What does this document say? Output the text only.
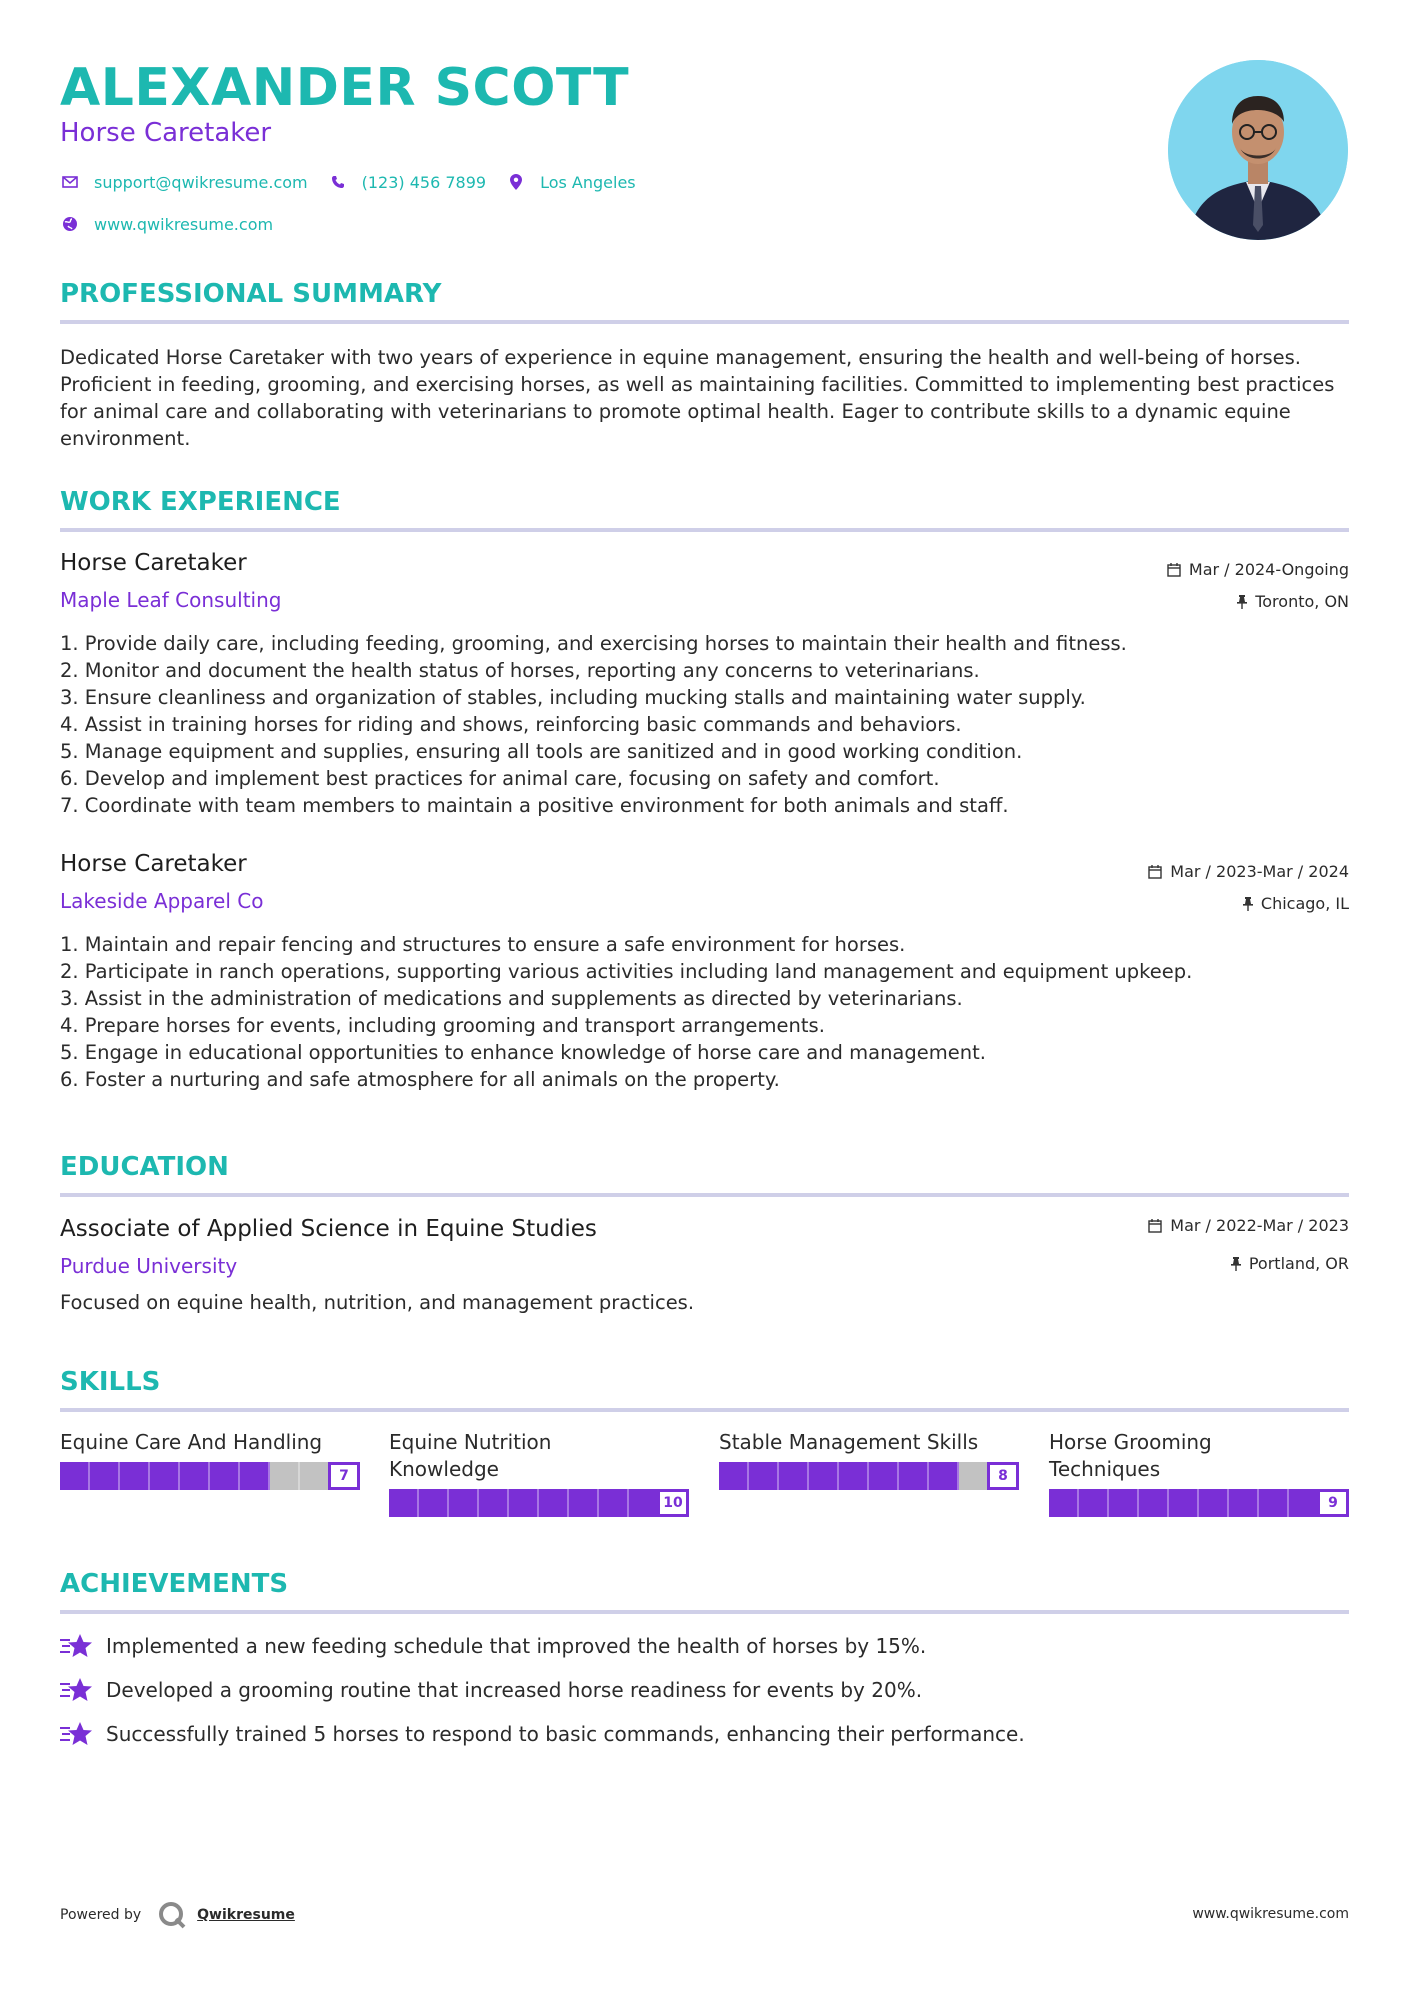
ALEXANDER SCOTT
Horse Caretaker
support@qwikresume.com	(123) 456 7899	Los Angeles
www.qwikresume.com
PROFESSIONAL SUMMARY
Dedicated Horse Caretaker with two years of experience in equine management, ensuring the health and well-being of horses. Proficient in feeding, grooming, and exercising horses, as well as maintaining facilities. Committed to implementing best practices for animal care and collaborating with veterinarians to promote optimal health. Eager to contribute skills to a dynamic equine environment.
WORK EXPERIENCE
Horse Caretaker
Maple Leaf Consulting
Mar / 2024-Ongoing
Toronto, ON
1. Provide daily care, including feeding, grooming, and exercising horses to maintain their health and fitness.
2. Monitor and document the health status of horses, reporting any concerns to veterinarians.
3. Ensure cleanliness and organization of stables, including mucking stalls and maintaining water supply.
4. Assist in training horses for riding and shows, reinforcing basic commands and behaviors.
5. Manage equipment and supplies, ensuring all tools are sanitized and in good working condition.
6. Develop and implement best practices for animal care, focusing on safety and comfort.
7. Coordinate with team members to maintain a positive environment for both animals and staff.
Horse Caretaker
Lakeside Apparel Co
Mar / 2023-Mar / 2024
Chicago, IL
1. Maintain and repair fencing and structures to ensure a safe environment for horses.
2. Participate in ranch operations, supporting various activities including land management and equipment upkeep.
3. Assist in the administration of medications and supplements as directed by veterinarians.
4. Prepare horses for events, including grooming and transport arrangements.
5. Engage in educational opportunities to enhance knowledge of horse care and management.
6. Foster a nurturing and safe atmosphere for all animals on the property.
EDUCATION
Associate of Applied Science in Equine Studies
Purdue University
Mar / 2022-Mar / 2023
Portland, OR
Focused on equine health, nutrition, and management practices.
SKILLS
Equine Care And Handling
7
Equine Nutrition Knowledge
10
Stable Management Skills
8
Horse Grooming Techniques
9
ACHIEVEMENTS
Implemented a new feeding schedule that improved the health of horses by 15%.
Developed a grooming routine that increased horse readiness for events by 20%.
Successfully trained 5 horses to respond to basic commands, enhancing their performance.
Powered by	Qwikresume	www.qwikresume.com
